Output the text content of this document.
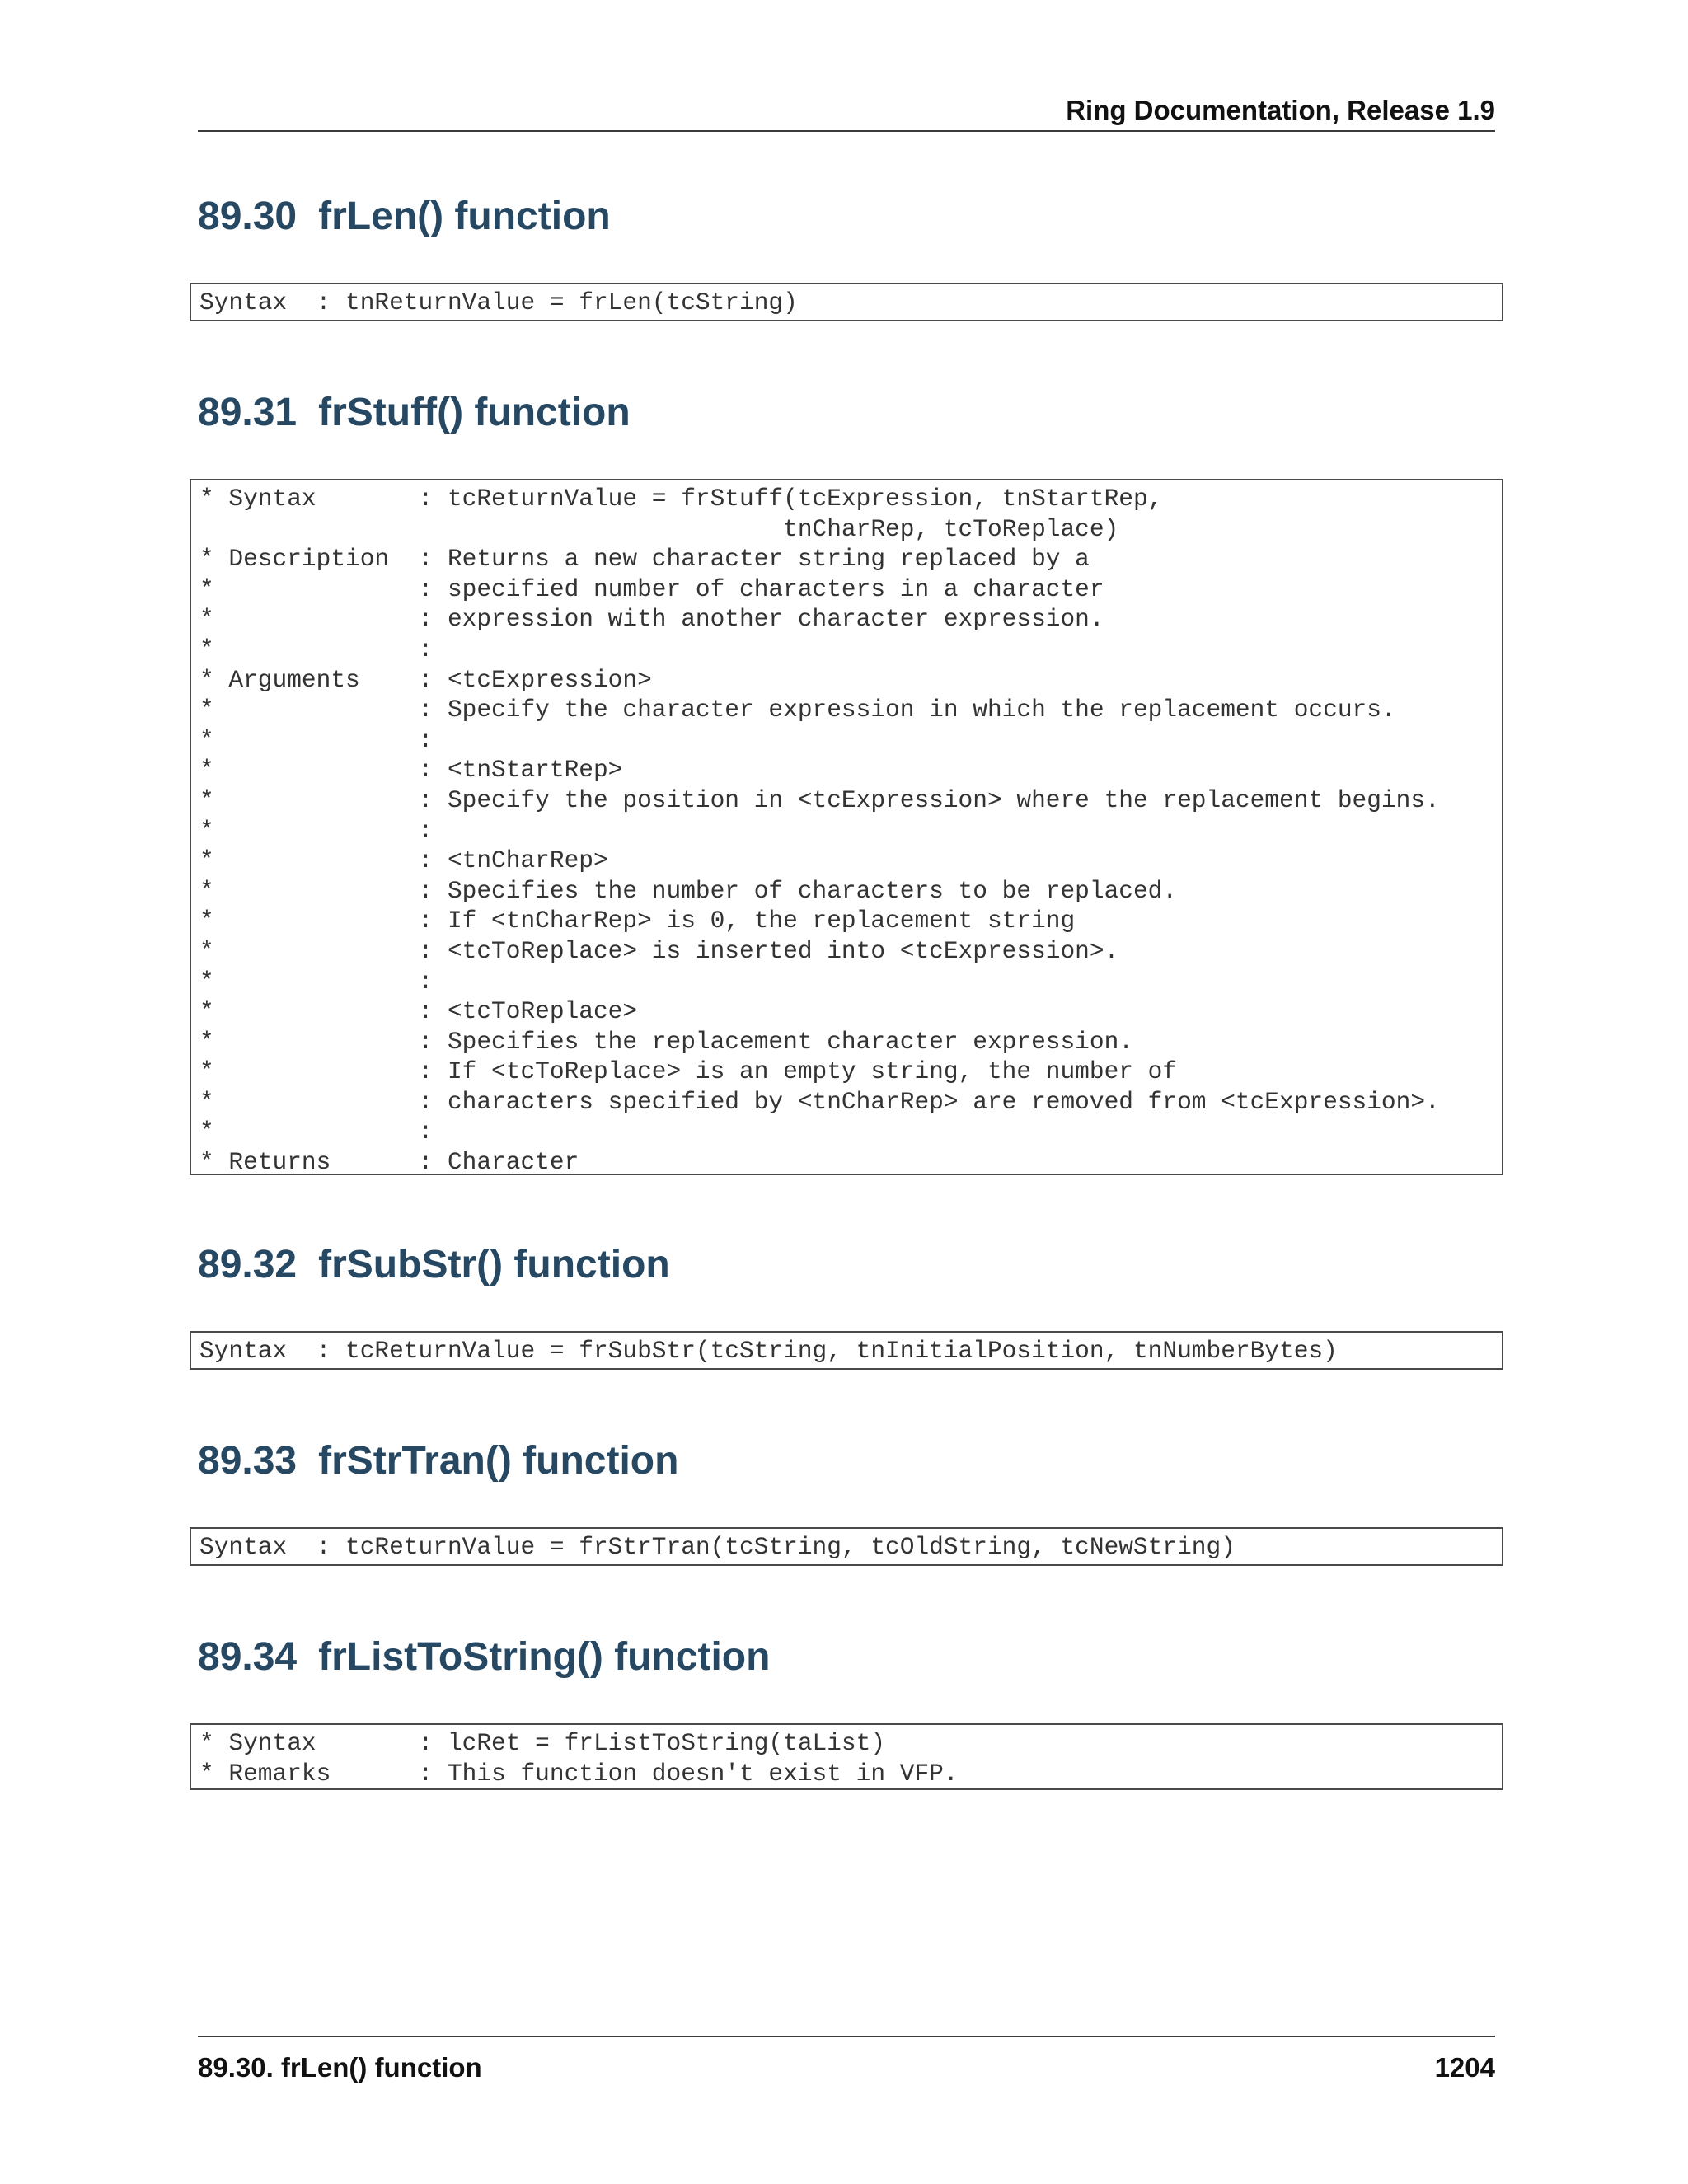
Ring Documentation, Release 1.9
89.30 frLen() function
Syntax  : tnReturnValue = frLen(tcString)
89.31 frStuff() function
* Syntax       : tcReturnValue = frStuff(tcExpression, tnStartRep,
tnCharRep, tcToReplace)
* Description  : Returns a new character string replaced by a
*              : specified number of characters in a character
*              : expression with another character expression.
*              :
* Arguments    : <tcExpression>
*              : Specify the character expression in which the replacement occurs.
*              :
*              : <tnStartRep>
*              : Specify the position in <tcExpression> where the replacement begins.
*              :
*              : <tnCharRep>
*              : Specifies the number of characters to be replaced.
*              : If <tnCharRep> is 0, the replacement string
*              : <tcToReplace> is inserted into <tcExpression>.
*              :
*              : <tcToReplace>
*              : Specifies the replacement character expression.
*              : If <tcToReplace> is an empty string, the number of
*              : characters specified by <tnCharRep> are removed from <tcExpression>.
*              :
* Returns      : Character
89.32 frSubStr() function
Syntax  : tcReturnValue = frSubStr(tcString, tnInitialPosition, tnNumberBytes)
89.33 frStrTran() function
Syntax  : tcReturnValue = frStrTran(tcString, tcOldString, tcNewString)
89.34 frListToString() function
* Syntax       : lcRet = frListToString(taList)
* Remarks      : This function doesn't exist in VFP.
89.30. frLen() function	1204
